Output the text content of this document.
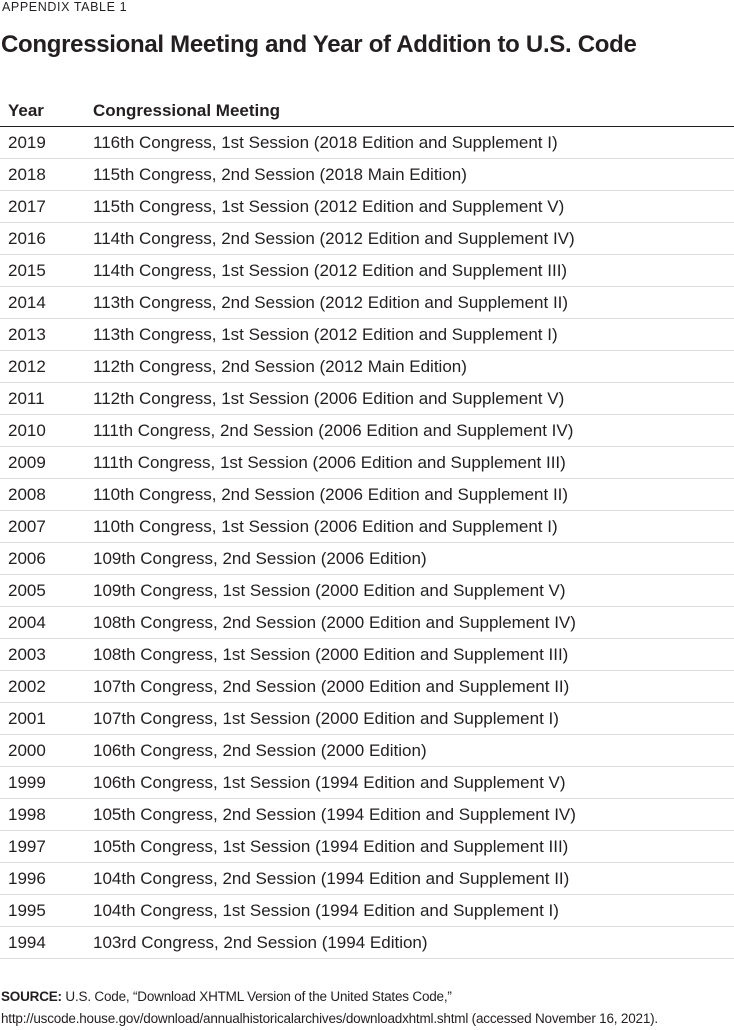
APPENDIX TABLE 1
Congressional Meeting and Year of Addition to U.S. Code
Year	Congressional Meeting
2019	116th Congress, 1st Session (2018 Edition and Supplement I)
2018	115th Congress, 2nd Session (2018 Main Edition)
2017	115th Congress, 1st Session (2012 Edition and Supplement V)
2016	114th Congress, 2nd Session (2012 Edition and Supplement IV)
2015	114th Congress, 1st Session (2012 Edition and Supplement III)
2014	113th Congress, 2nd Session (2012 Edition and Supplement II)
2013	113th Congress, 1st Session (2012 Edition and Supplement I)
2012	112th Congress, 2nd Session (2012 Main Edition)
2011	112th Congress, 1st Session (2006 Edition and Supplement V)
2010	111th Congress, 2nd Session (2006 Edition and Supplement IV)
2009	111th Congress, 1st Session (2006 Edition and Supplement III)
2008	110th Congress, 2nd Session (2006 Edition and Supplement II)
2007	110th Congress, 1st Session (2006 Edition and Supplement I)
2006	109th Congress, 2nd Session (2006 Edition)
2005	109th Congress, 1st Session (2000 Edition and Supplement V)
2004	108th Congress, 2nd Session (2000 Edition and Supplement IV)
2003	108th Congress, 1st Session (2000 Edition and Supplement III)
2002	107th Congress, 2nd Session (2000 Edition and Supplement II)
2001	107th Congress, 1st Session (2000 Edition and Supplement I)
2000	106th Congress, 2nd Session (2000 Edition)
1999	106th Congress, 1st Session (1994 Edition and Supplement V)
1998	105th Congress, 2nd Session (1994 Edition and Supplement IV)
1997	105th Congress, 1st Session (1994 Edition and Supplement III)
1996	104th Congress, 2nd Session (1994 Edition and Supplement II)
1995	104th Congress, 1st Session (1994 Edition and Supplement I)
1994	103rd Congress, 2nd Session (1994 Edition)
SOURCE: U.S. Code, “Download XHTML Version of the United States Code,” http://uscode.house.gov/download/annualhistoricalarchives/downloadxhtml.shtml (accessed November 16, 2021).
